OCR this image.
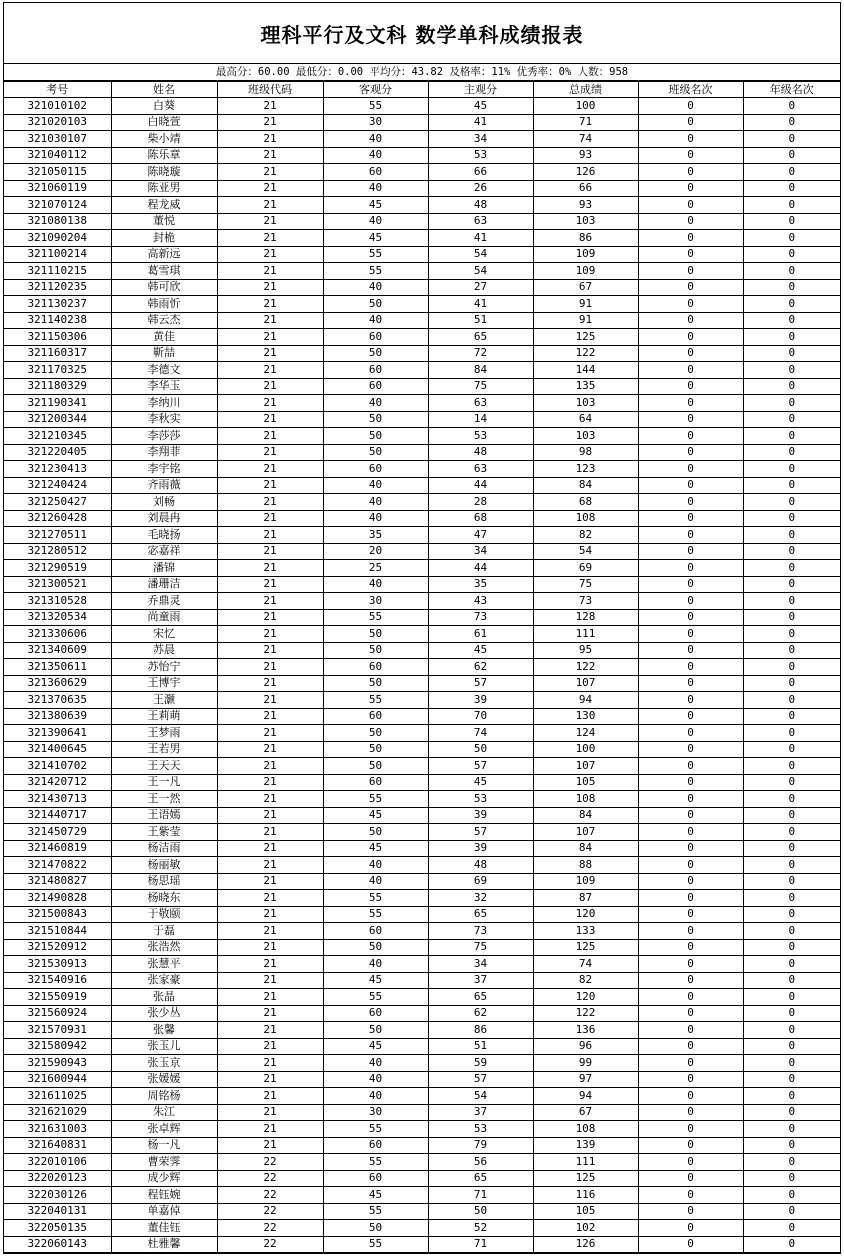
理科平行及文科 数学单科成绩报表
最高分：60.00 最低分：0.00 平均分：43.82 及格率：11% 优秀率：0% 人数：958
考号	姓名	班级代码	客观分	主观分	总成绩	班级名次	年级名次
321010102	白葵	21	55	45	100	0	0
321020103	白晓萱	21	30	41	71	0	0
321030107	柴小靖	21	40	34	74	0	0
321040112	陈乐章	21	40	53	93	0	0
321050115	陈晓璇	21	60	66	126	0	0
321060119	陈亚男	21	40	26	66	0	0
321070124	程龙威	21	45	48	93	0	0
321080138	董悦	21	40	63	103	0	0
321090204	封桅	21	45	41	86	0	0
321100214	高新远	21	55	54	109	0	0
321110215	葛雪琪	21	55	54	109	0	0
321120235	韩可欣	21	40	27	67	0	0
321130237	韩雨忻	21	50	41	91	0	0
321140238	韩云杰	21	40	51	91	0	0
321150306	黄佳	21	60	65	125	0	0
321160317	靳喆	21	50	72	122	0	0
321170325	李德文	21	60	84	144	0	0
321180329	李华玉	21	60	75	135	0	0
321190341	李纳川	21	40	63	103	0	0
321200344	李秋实	21	50	14	64	0	0
321210345	李莎莎	21	50	53	103	0	0
321220405	李翔菲	21	50	48	98	0	0
321230413	李宇铭	21	60	63	123	0	0
321240424	齐雨薇	21	40	44	84	0	0
321250427	刘畅	21	40	28	68	0	0
321260428	刘晨冉	21	40	68	108	0	0
321270511	毛晓扬	21	35	47	82	0	0
321280512	宓嘉祥	21	20	34	54	0	0
321290519	潘锦	21	25	44	69	0	0
321300521	潘珊洁	21	40	35	75	0	0
321310528	乔鼎灵	21	30	43	73	0	0
321320534	尚童雨	21	55	73	128	0	0
321330606	宋忆	21	50	61	111	0	0
321340609	苏晨	21	50	45	95	0	0
321350611	苏怡宁	21	60	62	122	0	0
321360629	王博宇	21	50	57	107	0	0
321370635	王灏	21	55	39	94	0	0
321380639	王莉萌	21	60	70	130	0	0
321390641	王梦雨	21	50	74	124	0	0
321400645	王若男	21	50	50	100	0	0
321410702	王天天	21	50	57	107	0	0
321420712	王一凡	21	60	45	105	0	0
321430713	王一然	21	55	53	108	0	0
321440717	王语嫣	21	45	39	84	0	0
321450729	王紫莹	21	50	57	107	0	0
321460819	杨洁雨	21	45	39	84	0	0
321470822	杨丽敏	21	40	48	88	0	0
321480827	杨思瑶	21	40	69	109	0	0
321490828	杨晓东	21	55	32	87	0	0
321500843	于敬颐	21	55	65	120	0	0
321510844	于磊	21	60	73	133	0	0
321520912	张浩然	21	50	75	125	0	0
321530913	张慧平	21	40	34	74	0	0
321540916	张家豪	21	45	37	82	0	0
321550919	张晶	21	55	65	120	0	0
321560924	张少丛	21	60	62	122	0	0
321570931	张馨	21	50	86	136	0	0
321580942	张玉儿	21	45	51	96	0	0
321590943	张玉京	21	40	59	99	0	0
321600944	张媛媛	21	40	57	97	0	0
321611025	周铭杨	21	40	54	94	0	0
321621029	朱江	21	30	37	67	0	0
321631003	张卓辉	21	55	53	108	0	0
321640831	杨一凡	21	60	79	139	0	0
322010106	曹荣霁	22	55	56	111	0	0
322020123	成少辉	22	60	65	125	0	0
322030126	程钰婉	22	45	71	116	0	0
322040131	单嘉倬	22	55	50	105	0	0
322050135	董佳钰	22	50	52	102	0	0
322060143	杜雅馨	22	55	71	126	0	0
